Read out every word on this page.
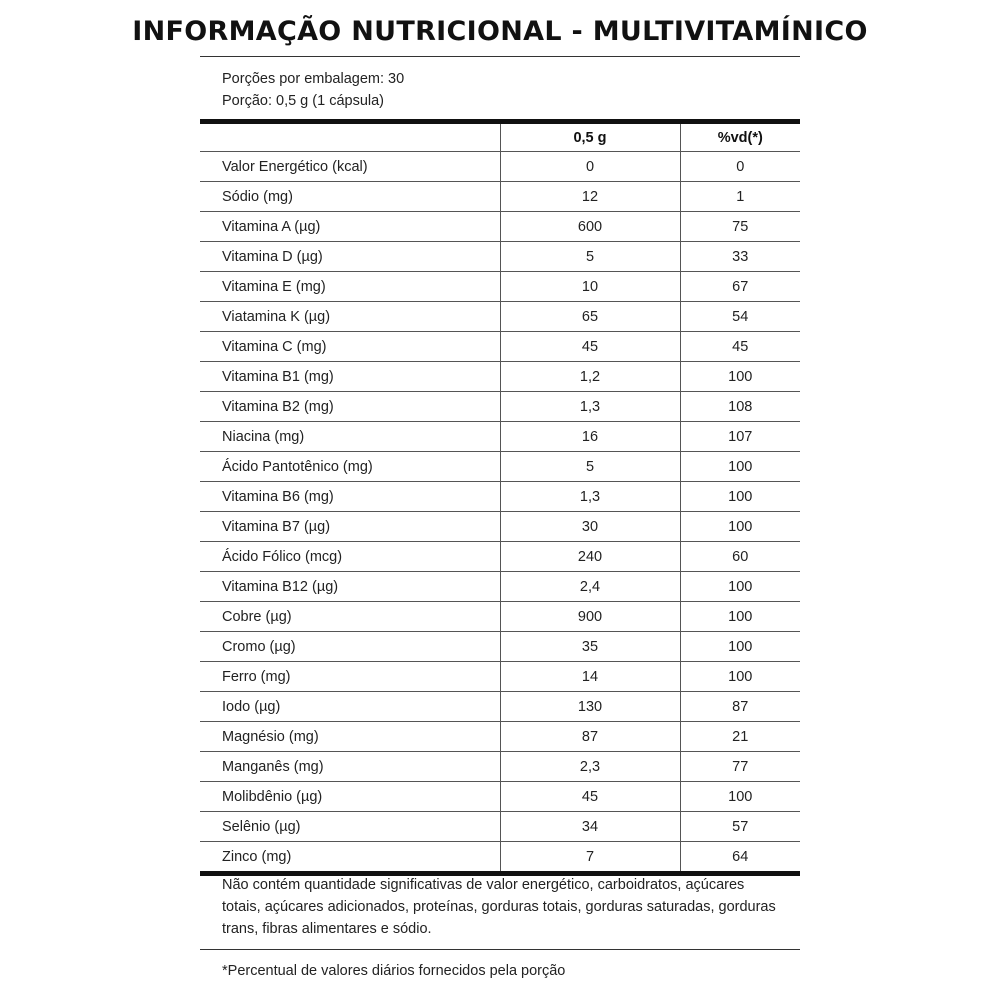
INFORMAÇÃO NUTRICIONAL - MULTIVITAMÍNICO
Porções por embalagem: 30
Porção: 0,5 g (1 cápsula)
	0,5 g	%vd(*)
Valor Energético (kcal)	0	0
Sódio (mg)	12	1
Vitamina A (µg)	600	75
Vitamina D (µg)	5	33
Vitamina E (mg)	10	67
Viatamina K (µg)	65	54
Vitamina C (mg)	45	45
Vitamina B1 (mg)	1,2	100
Vitamina B2 (mg)	1,3	108
Niacina (mg)	16	107
Ácido Pantotênico (mg)	5	100
Vitamina B6 (mg)	1,3	100
Vitamina B7 (µg)	30	100
Ácido Fólico (mcg)	240	60
Vitamina B12 (µg)	2,4	100
Cobre (µg)	900	100
Cromo (µg)	35	100
Ferro (mg)	14	100
Iodo (µg)	130	87
Magnésio (mg)	87	21
Manganês (mg)	2,3	77
Molibdênio (µg)	45	100
Selênio (µg)	34	57
Zinco (mg)	7	64
Não contém quantidade significativas de valor energético, carboidratos, açúcares totais, açúcares adicionados, proteínas, gorduras totais, gorduras saturadas, gorduras trans, fibras alimentares e sódio.
*Percentual de valores diários fornecidos pela porção
